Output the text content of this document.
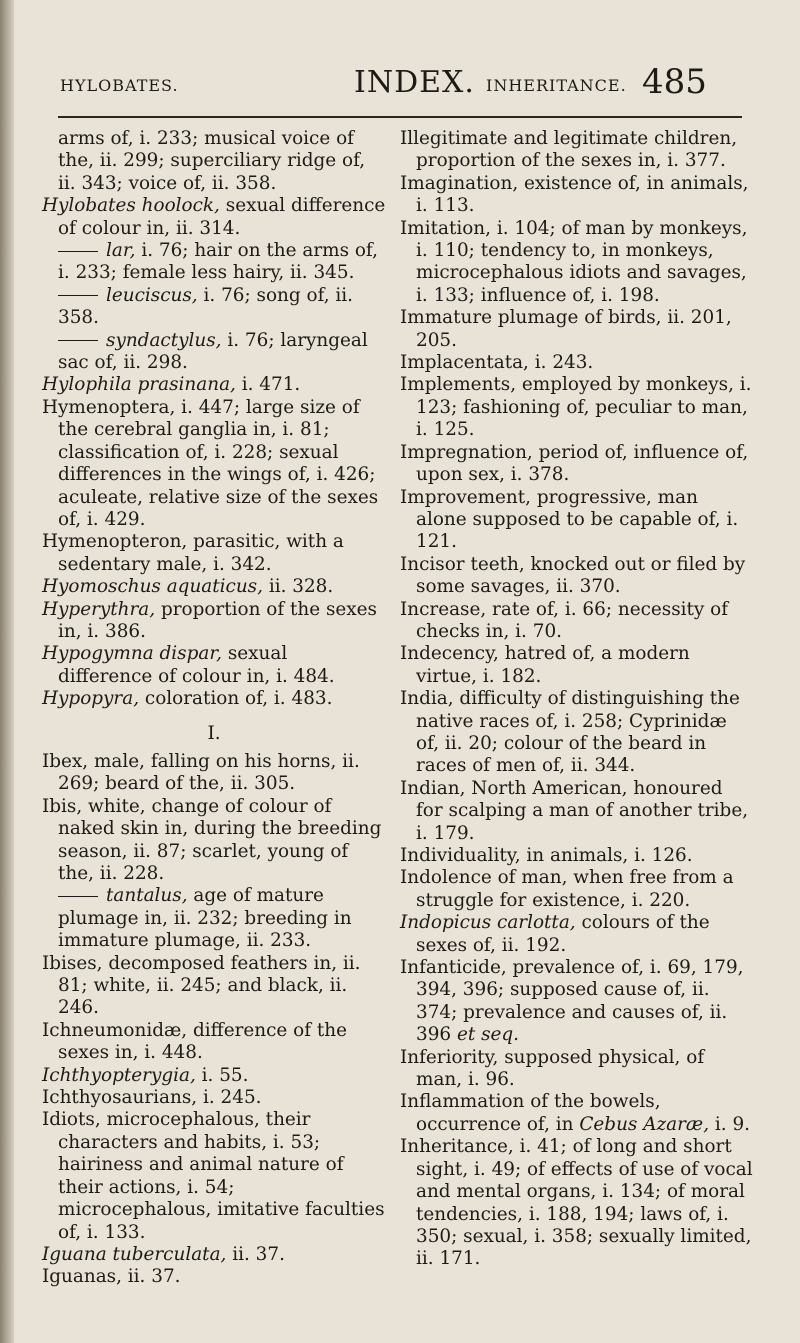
HYLOBATES.	INDEX. INHERITANCE. 485

arms of, i. 233; musical voice of the, ii. 299; superciliary ridge of, ii. 343; voice of, ii. 358.

Hylobates hoolock, sexual difference of colour in, ii. 314.

lar, i. 76; hair on the arms of, i. 233; female less hairy, ii. 345.

leuciscus, i. 76; song of, ii. 358.

syndactylus, i. 76; laryngeal sac of, ii. 298.

Hylophila prasinana, i. 471.

Hymenoptera, i. 447; large size of the cerebral ganglia in, i. 81; classification of, i. 228; sexual differences in the wings of, i. 426; aculeate, relative size of the sexes of, i. 429.

Hymenopteron, parasitic, with a sedentary male, i. 342.

Hyomoschus aquaticus, ii. 328.

Hyperythra, proportion of the sexes in, i. 386.

Hypogymna dispar, sexual difference of colour in, i. 484.

Hypopyra, coloration of, i. 483.

I.

Ibex, male, falling on his horns, ii. 269; beard of the, ii. 305.

Ibis, white, change of colour of naked skin in, during the breeding season, ii. 87; scarlet, young of the, ii. 228.

tantalus, age of mature plumage in, ii. 232; breeding in immature plumage, ii. 233.

Ibises, decomposed feathers in, ii. 81; white, ii. 245; and black, ii. 246.

Ichneumonidæ, difference of the sexes in, i. 448.

Ichthyopterygia, i. 55.

Ichthyosaurians, i. 245.

Idiots, microcephalous, their characters and habits, i. 53; hairiness and animal nature of their actions, i. 54; microcephalous, imitative faculties of, i. 133.

Iguana tuberculata, ii. 37.

Iguanas, ii. 37.

Illegitimate and legitimate children, proportion of the sexes in, i. 377.

Imagination, existence of, in animals, i. 113.

Imitation, i. 104; of man by monkeys, i. 110; tendency to, in monkeys, microcephalous idiots and savages, i. 133; influence of, i. 198.

Immature plumage of birds, ii. 201, 205.

Implacentata, i. 243.

Implements, employed by monkeys, i. 123; fashioning of, peculiar to man, i. 125.

Impregnation, period of, influence of, upon sex, i. 378.

Improvement, progressive, man alone supposed to be capable of, i. 121.

Incisor teeth, knocked out or filed by some savages, ii. 370.

Increase, rate of, i. 66; necessity of checks in, i. 70.

Indecency, hatred of, a modern virtue, i. 182.

India, difficulty of distinguishing the native races of, i. 258; Cyprinidæ of, ii. 20; colour of the beard in races of men of, ii. 344.

Indian, North American, honoured for scalping a man of another tribe, i. 179.

Individuality, in animals, i. 126.

Indolence of man, when free from a struggle for existence, i. 220.

Indopicus carlotta, colours of the sexes of, ii. 192.

Infanticide, prevalence of, i. 69, 179, 394, 396; supposed cause of, ii. 374; prevalence and causes of, ii. 396 et seq.

Inferiority, supposed physical, of man, i. 96.

Inflammation of the bowels, occurrence of, in Cebus Azaræ, i. 9.

Inheritance, i. 41; of long and short sight, i. 49; of effects of use of vocal and mental organs, i. 134; of moral tendencies, i. 188, 194; laws of, i. 350; sexual, i. 358; sexually limited, ii. 171.
